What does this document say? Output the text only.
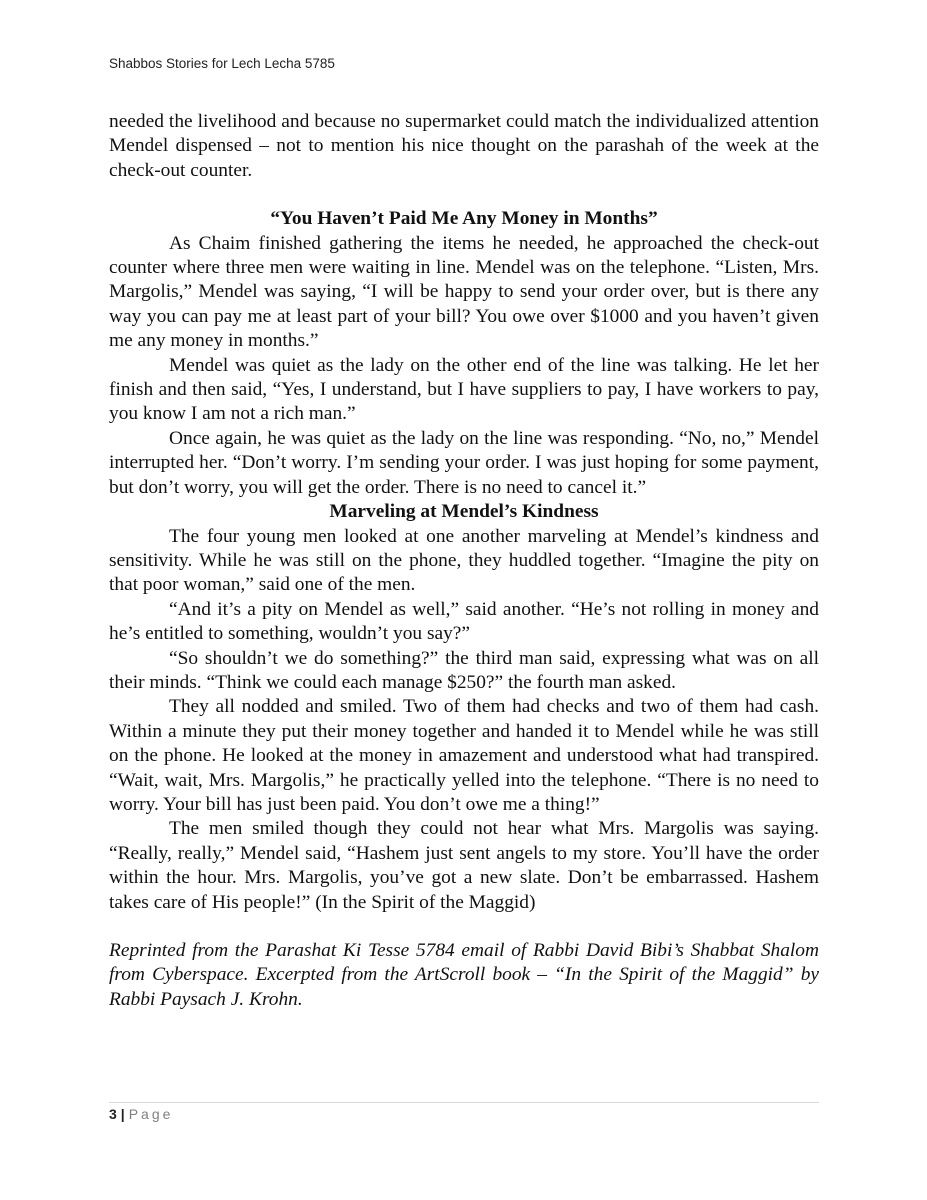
Shabbos Stories for Lech Lecha 5785

needed the livelihood and because no supermarket could match the individualized attention Mendel dispensed – not to mention his nice thought on the parashah of the week at the check-out counter.

“You Haven’t Paid Me Any Money in Months”

As Chaim finished gathering the items he needed, he approached the check-out counter where three men were waiting in line. Mendel was on the telephone. “Listen, Mrs. Margolis,” Mendel was saying, “I will be happy to send your order over, but is there any way you can pay me at least part of your bill? You owe over $1000 and you haven’t given me any money in months.”

Mendel was quiet as the lady on the other end of the line was talking. He let her finish and then said, “Yes, I understand, but I have suppliers to pay, I have workers to pay, you know I am not a rich man.”

Once again, he was quiet as the lady on the line was responding. “No, no,” Mendel interrupted her. “Don’t worry. I’m sending your order. I was just hoping for some payment, but don’t worry, you will get the order. There is no need to cancel it.”

Marveling at Mendel’s Kindness

The four young men looked at one another marveling at Mendel’s kindness and sensitivity. While he was still on the phone, they huddled together. “Imagine the pity on that poor woman,” said one of the men.

“And it’s a pity on Mendel as well,” said another. “He’s not rolling in money and he’s entitled to something, wouldn’t you say?”

“So shouldn’t we do something?” the third man said, expressing what was on all their minds. “Think we could each manage $250?” the fourth man asked.

They all nodded and smiled. Two of them had checks and two of them had cash. Within a minute they put their money together and handed it to Mendel while he was still on the phone. He looked at the money in amazement and understood what had transpired. “Wait, wait, Mrs. Margolis,” he practically yelled into the telephone. “There is no need to worry. Your bill has just been paid. You don’t owe me a thing!”

The men smiled though they could not hear what Mrs. Margolis was saying. “Really, really,” Mendel said, “Hashem just sent angels to my store. You’ll have the order within the hour. Mrs. Margolis, you’ve got a new slate. Don’t be embarrassed. Hashem takes care of His people!” (In the Spirit of the Maggid)

Reprinted from the Parashat Ki Tesse 5784 email of Rabbi David Bibi’s Shabbat Shalom from Cyberspace. Excerpted from the ArtScroll book – “In the Spirit of the Maggid” by Rabbi Paysach J. Krohn.

3 | Page
